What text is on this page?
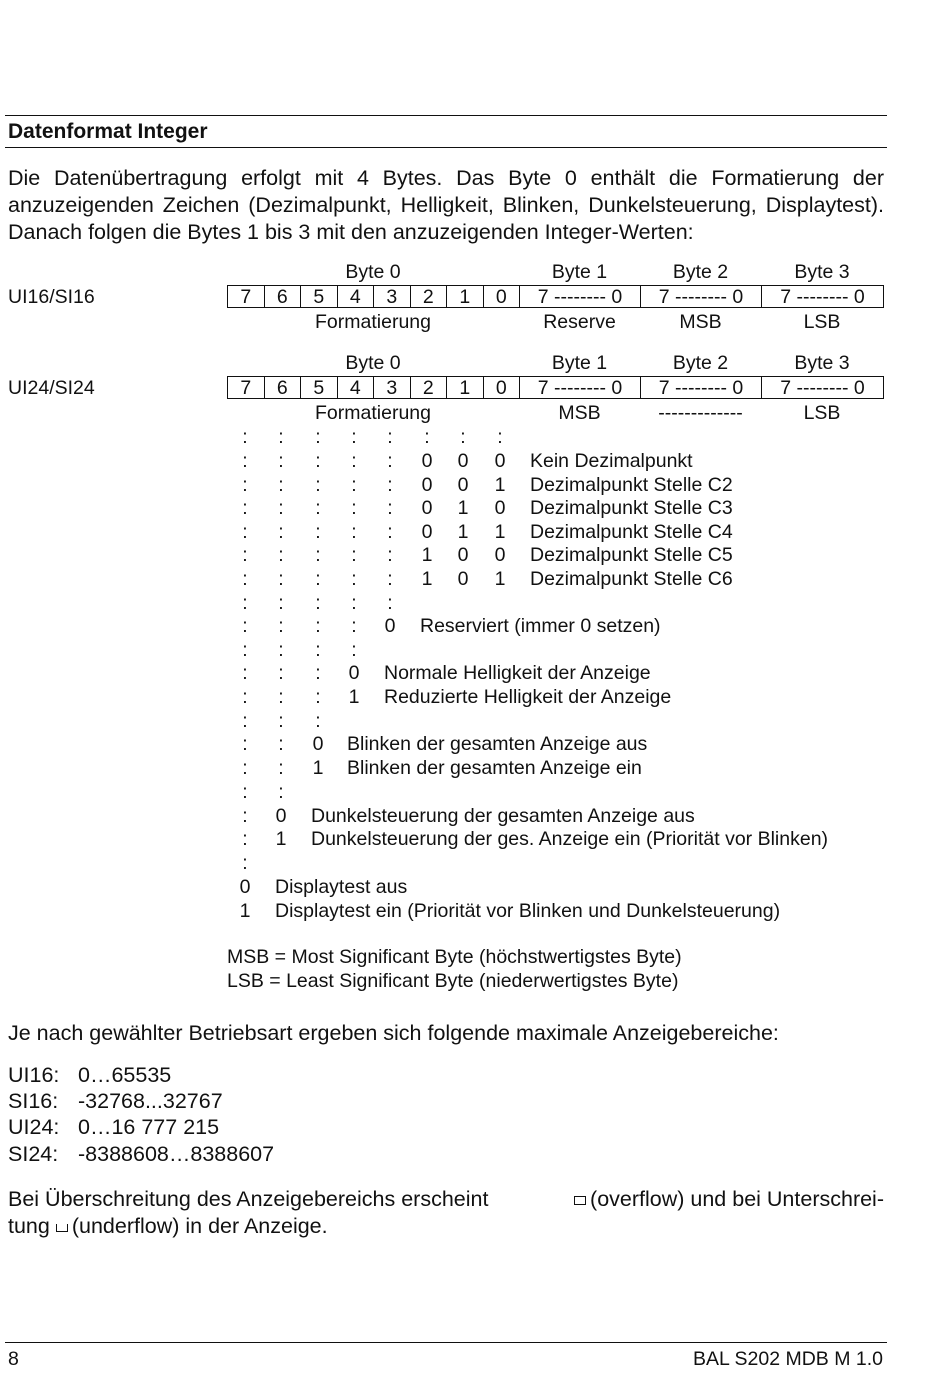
Datenformat Integer
Die Datenübertragung erfolgt mit 4 Bytes. Das Byte 0 enthält die Formatierung der anzuzeigenden Zeichen (Dezimalpunkt, Helligkeit, Blinken, Dunkelsteuerung, Displaytest). Danach folgen die Bytes 1 bis 3 mit den anzuzeigenden Integer-Werten:
Byte 0	Byte 1	Byte 2	Byte 3
UI16/SI16	7	6	5	4	3	2	1	0	7 -------- 0	7 -------- 0	7 -------- 0
Formatierung	Reserve	MSB	LSB
Byte 0	Byte 1	Byte 2	Byte 3
UI24/SI24	7	6	5	4	3	2	1	0	7 -------- 0	7 -------- 0	7 -------- 0
Formatierung	MSB	-------------	LSB
:	:	:	:	:	:	:	:
:	:	:	:	:	0 0 0 Kein Dezimalpunkt
:	:	:	:	:	0 0 1 Dezimalpunkt Stelle C2
:	:	:	:	:	0 1 0 Dezimalpunkt Stelle C3
:	:	:	:	:	0 1 1 Dezimalpunkt Stelle C4
:	:	:	:	:	1 0 0 Dezimalpunkt Stelle C5
:	:	:	:	:	1 0 1 Dezimalpunkt Stelle C6
:	:	:	:	:
:	:	:	:	0 Reserviert (immer 0 setzen)
:	:	:	:
:	:	:	0 Normale Helligkeit der Anzeige
:	:	:	1 Reduzierte Helligkeit der Anzeige
:	:	:
:	:	0 Blinken der gesamten Anzeige aus
:	:	1 Blinken der gesamten Anzeige ein
:	:
:	0 Dunkelsteuerung der gesamten Anzeige aus
:	1 Dunkelsteuerung der ges. Anzeige ein (Priorität vor Blinken)
:
0 Displaytest aus
1 Displaytest ein (Priorität vor Blinken und Dunkelsteuerung)
MSB = Most Significant Byte (höchstwertigstes Byte)
LSB = Least Significant Byte (niederwertigstes Byte)
Je nach gewählter Betriebsart ergeben sich folgende maximale Anzeigebereiche:
UI16: 0…65535
SI16: -32768...32767
UI24: 0…16 777 215
SI24: -8388608…8388607
Bei Überschreitung des Anzeigebereichs erscheint	(overflow) und bei Unterschrei-
tung (underflow) in der Anzeige.
8	BAL S202 MDB M 1.0
